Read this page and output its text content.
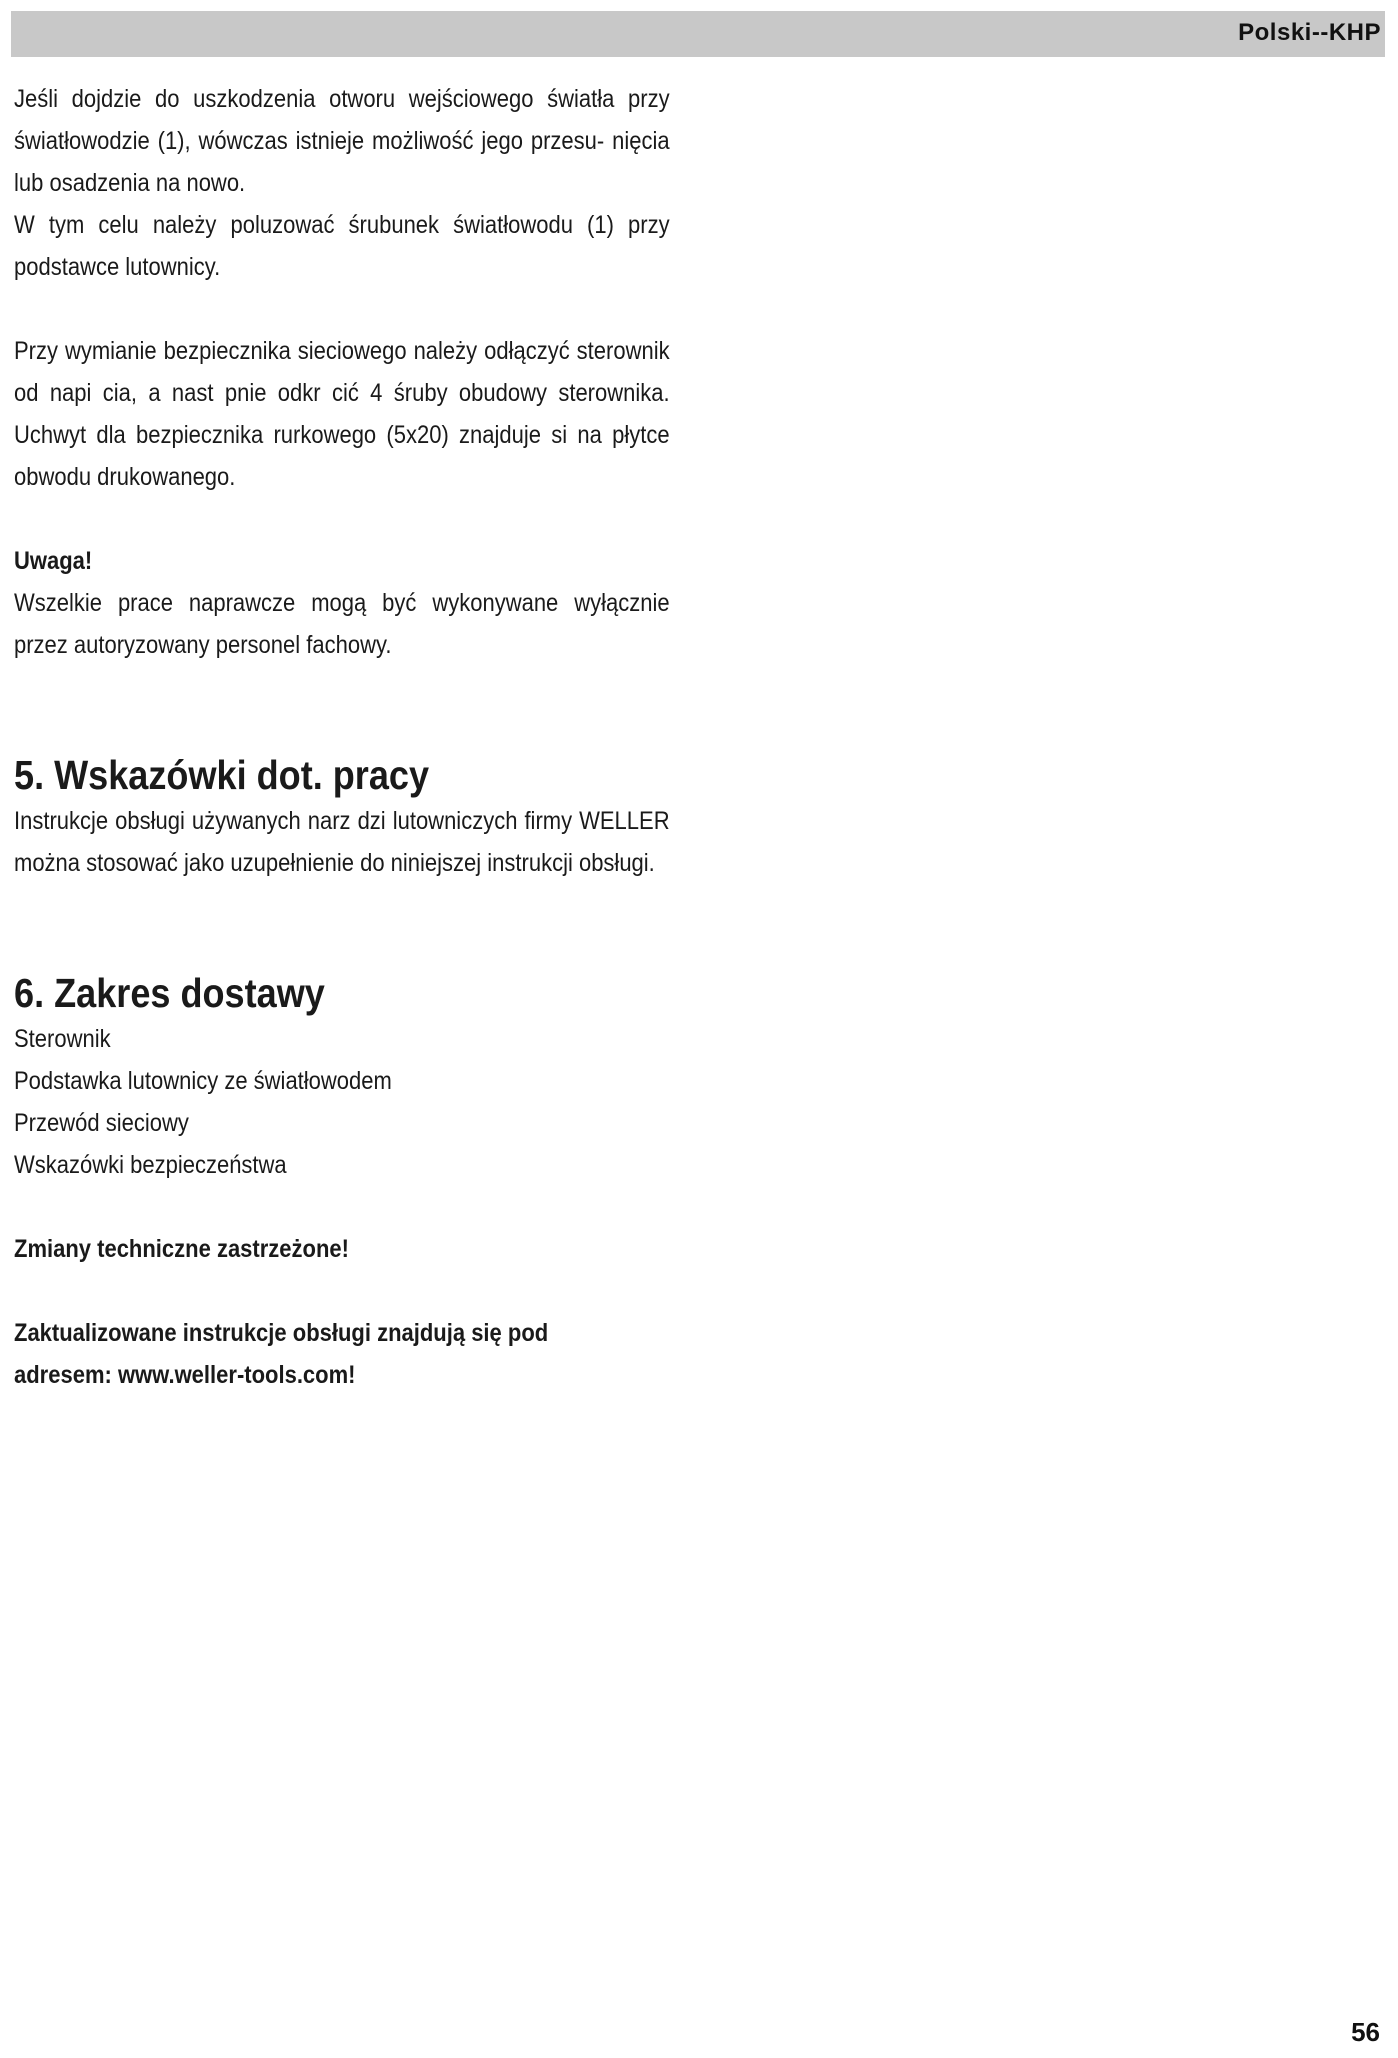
Polski--KHP

Jeśli dojdzie do uszkodzenia otworu wejściowego światła przy światłowodzie (1), wówczas istnieje możliwość jego przesu- nięcia lub osadzenia na nowo.

W tym celu należy poluzować śrubunek światłowodu (1) przy podstawce lutownicy.

Przy wymianie bezpiecznika sieciowego należy odłączyć sterownik od napi cia, a nast pnie odkr cić 4 śruby obudowy sterownika. Uchwyt dla bezpiecznika rurkowego (5x20) znajduje si na płytce obwodu drukowanego.

Uwaga!

Wszelkie prace naprawcze mogą być wykonywane wyłącznie przez autoryzowany personel fachowy.

5. Wskazówki dot. pracy

Instrukcje obsługi używanych narz dzi lutowniczych firmy WELLER można stosować jako uzupełnienie do niniejszej instrukcji obsługi.

6. Zakres dostawy

Sterownik

Podstawka lutownicy ze światłowodem

Przewód sieciowy

Wskazówki bezpieczeństwa

Zmiany techniczne zastrzeżone!

Zaktualizowane instrukcje obsługi znajdują się pod

adresem: www.weller-tools.com!

56
